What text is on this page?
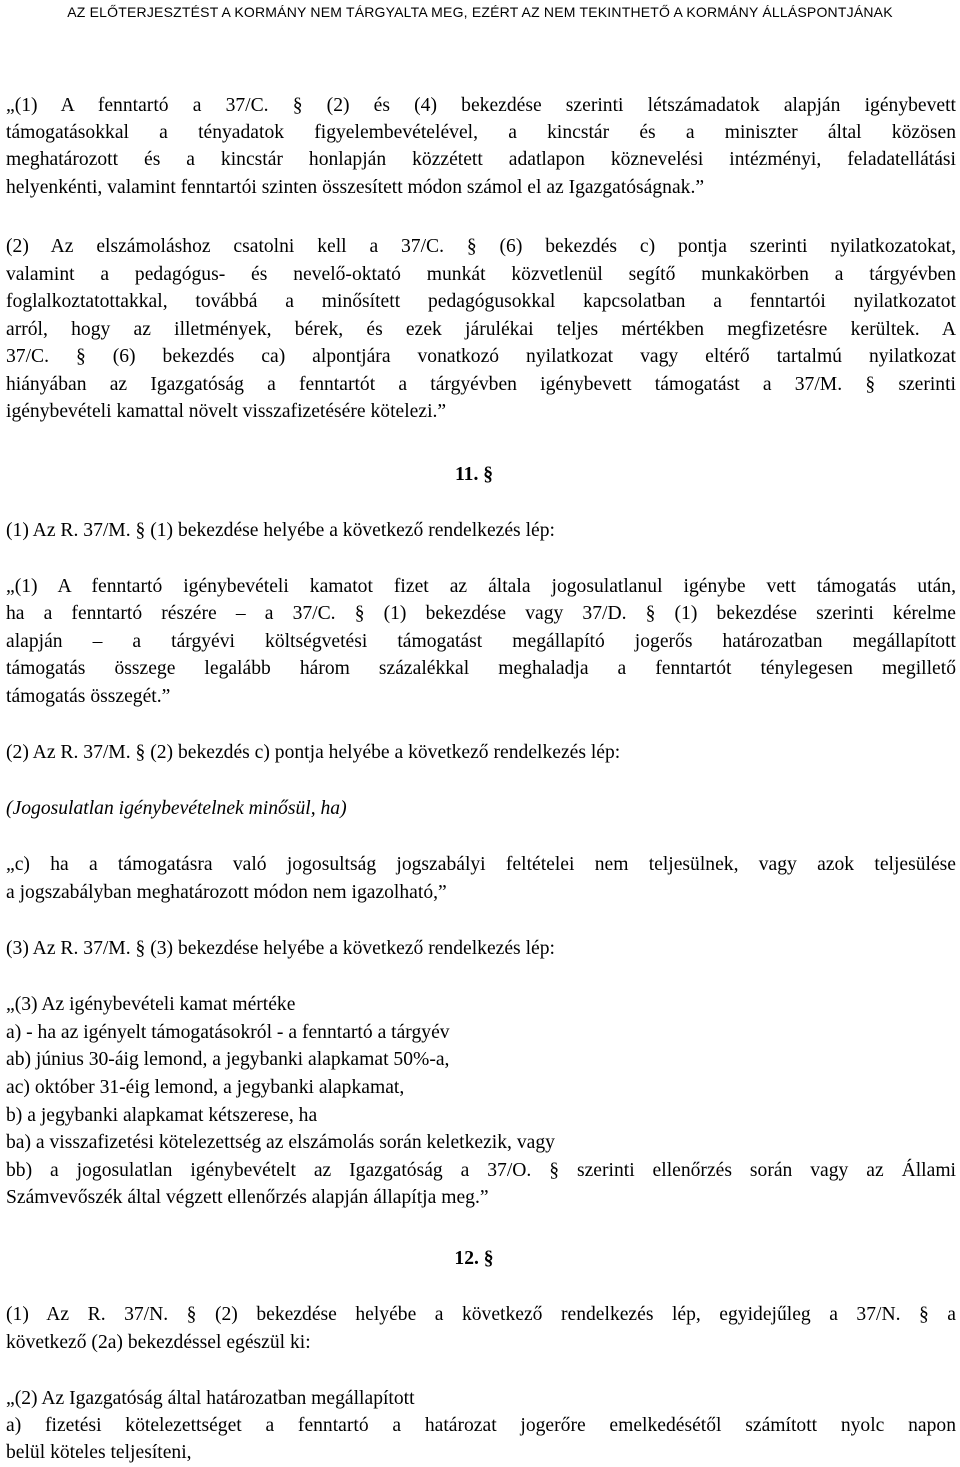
AZ ELŐTERJESZTÉST A KORMÁNY NEM TÁRGYALTA MEG, EZÉRT AZ NEM TEKINTHETŐ A KORMÁNY ÁLLÁSPONTJÁNAK
„(1) A fenntartó a 37/C. § (2) és (4) bekezdése szerinti létszámadatok alapján igénybevett
támogatásokkal a tényadatok figyelembevételével, a kincstár és a miniszter által közösen
meghatározott és a kincstár honlapján közzétett adatlapon köznevelési intézményi, feladatellátási
helyenkénti, valamint fenntartói szinten összesített módon számol el az Igazgatóságnak.”
(2) Az elszámoláshoz csatolni kell a 37/C. § (6) bekezdés c) pontja szerinti nyilatkozatokat,
valamint a pedagógus- és nevelő-oktató munkát közvetlenül segítő munkakörben a tárgyévben
foglalkoztatottakkal, továbbá a minősített pedagógusokkal kapcsolatban a fenntartói nyilatkozatot
arról, hogy az illetmények, bérek, és ezek járulékai teljes mértékben megfizetésre kerültek. A
37/C. § (6) bekezdés ca) alpontjára vonatkozó nyilatkozat vagy eltérő tartalmú nyilatkozat
hiányában az Igazgatóság a fenntartót a tárgyévben igénybevett támogatást a 37/M. § szerinti
igénybevételi kamattal növelt visszafizetésére kötelezi.”
11. §
(1) Az R. 37/M. § (1) bekezdése helyébe a következő rendelkezés lép:
„(1) A fenntartó igénybevételi kamatot fizet az általa jogosulatlanul igénybe vett támogatás után,
ha a fenntartó részére – a 37/C. § (1) bekezdése vagy 37/D. § (1) bekezdése szerinti kérelme
alapján – a tárgyévi költségvetési támogatást megállapító jogerős határozatban megállapított
támogatás összege legalább három százalékkal meghaladja a fenntartót ténylegesen megillető
támogatás összegét.”
(2) Az R. 37/M. § (2) bekezdés c) pontja helyébe a következő rendelkezés lép:
(Jogosulatlan igénybevételnek minősül, ha)
„c) ha a támogatásra való jogosultság jogszabályi feltételei nem teljesülnek, vagy azok teljesülése
a jogszabályban meghatározott módon nem igazolható,”
(3) Az R. 37/M. § (3) bekezdése helyébe a következő rendelkezés lép:
„(3) Az igénybevételi kamat mértéke
a) - ha az igényelt támogatásokról - a fenntartó a tárgyév
ab) június 30-áig lemond, a jegybanki alapkamat 50%-a,
ac) október 31-éig lemond, a jegybanki alapkamat,
b) a jegybanki alapkamat kétszerese, ha
ba) a visszafizetési kötelezettség az elszámolás során keletkezik, vagy
bb) a jogosulatlan igénybevételt az Igazgatóság a 37/O. § szerinti ellenőrzés során vagy az Állami
Számvevőszék által végzett ellenőrzés alapján állapítja meg.”
12. §
(1) Az R. 37/N. § (2) bekezdése helyébe a következő rendelkezés lép, egyidejűleg a 37/N. § a
következő (2a) bekezdéssel egészül ki:
„(2) Az Igazgatóság által határozatban megállapított
a) fizetési kötelezettséget a fenntartó a határozat jogerőre emelkedésétől számított nyolc napon
belül köteles teljesíteni,
